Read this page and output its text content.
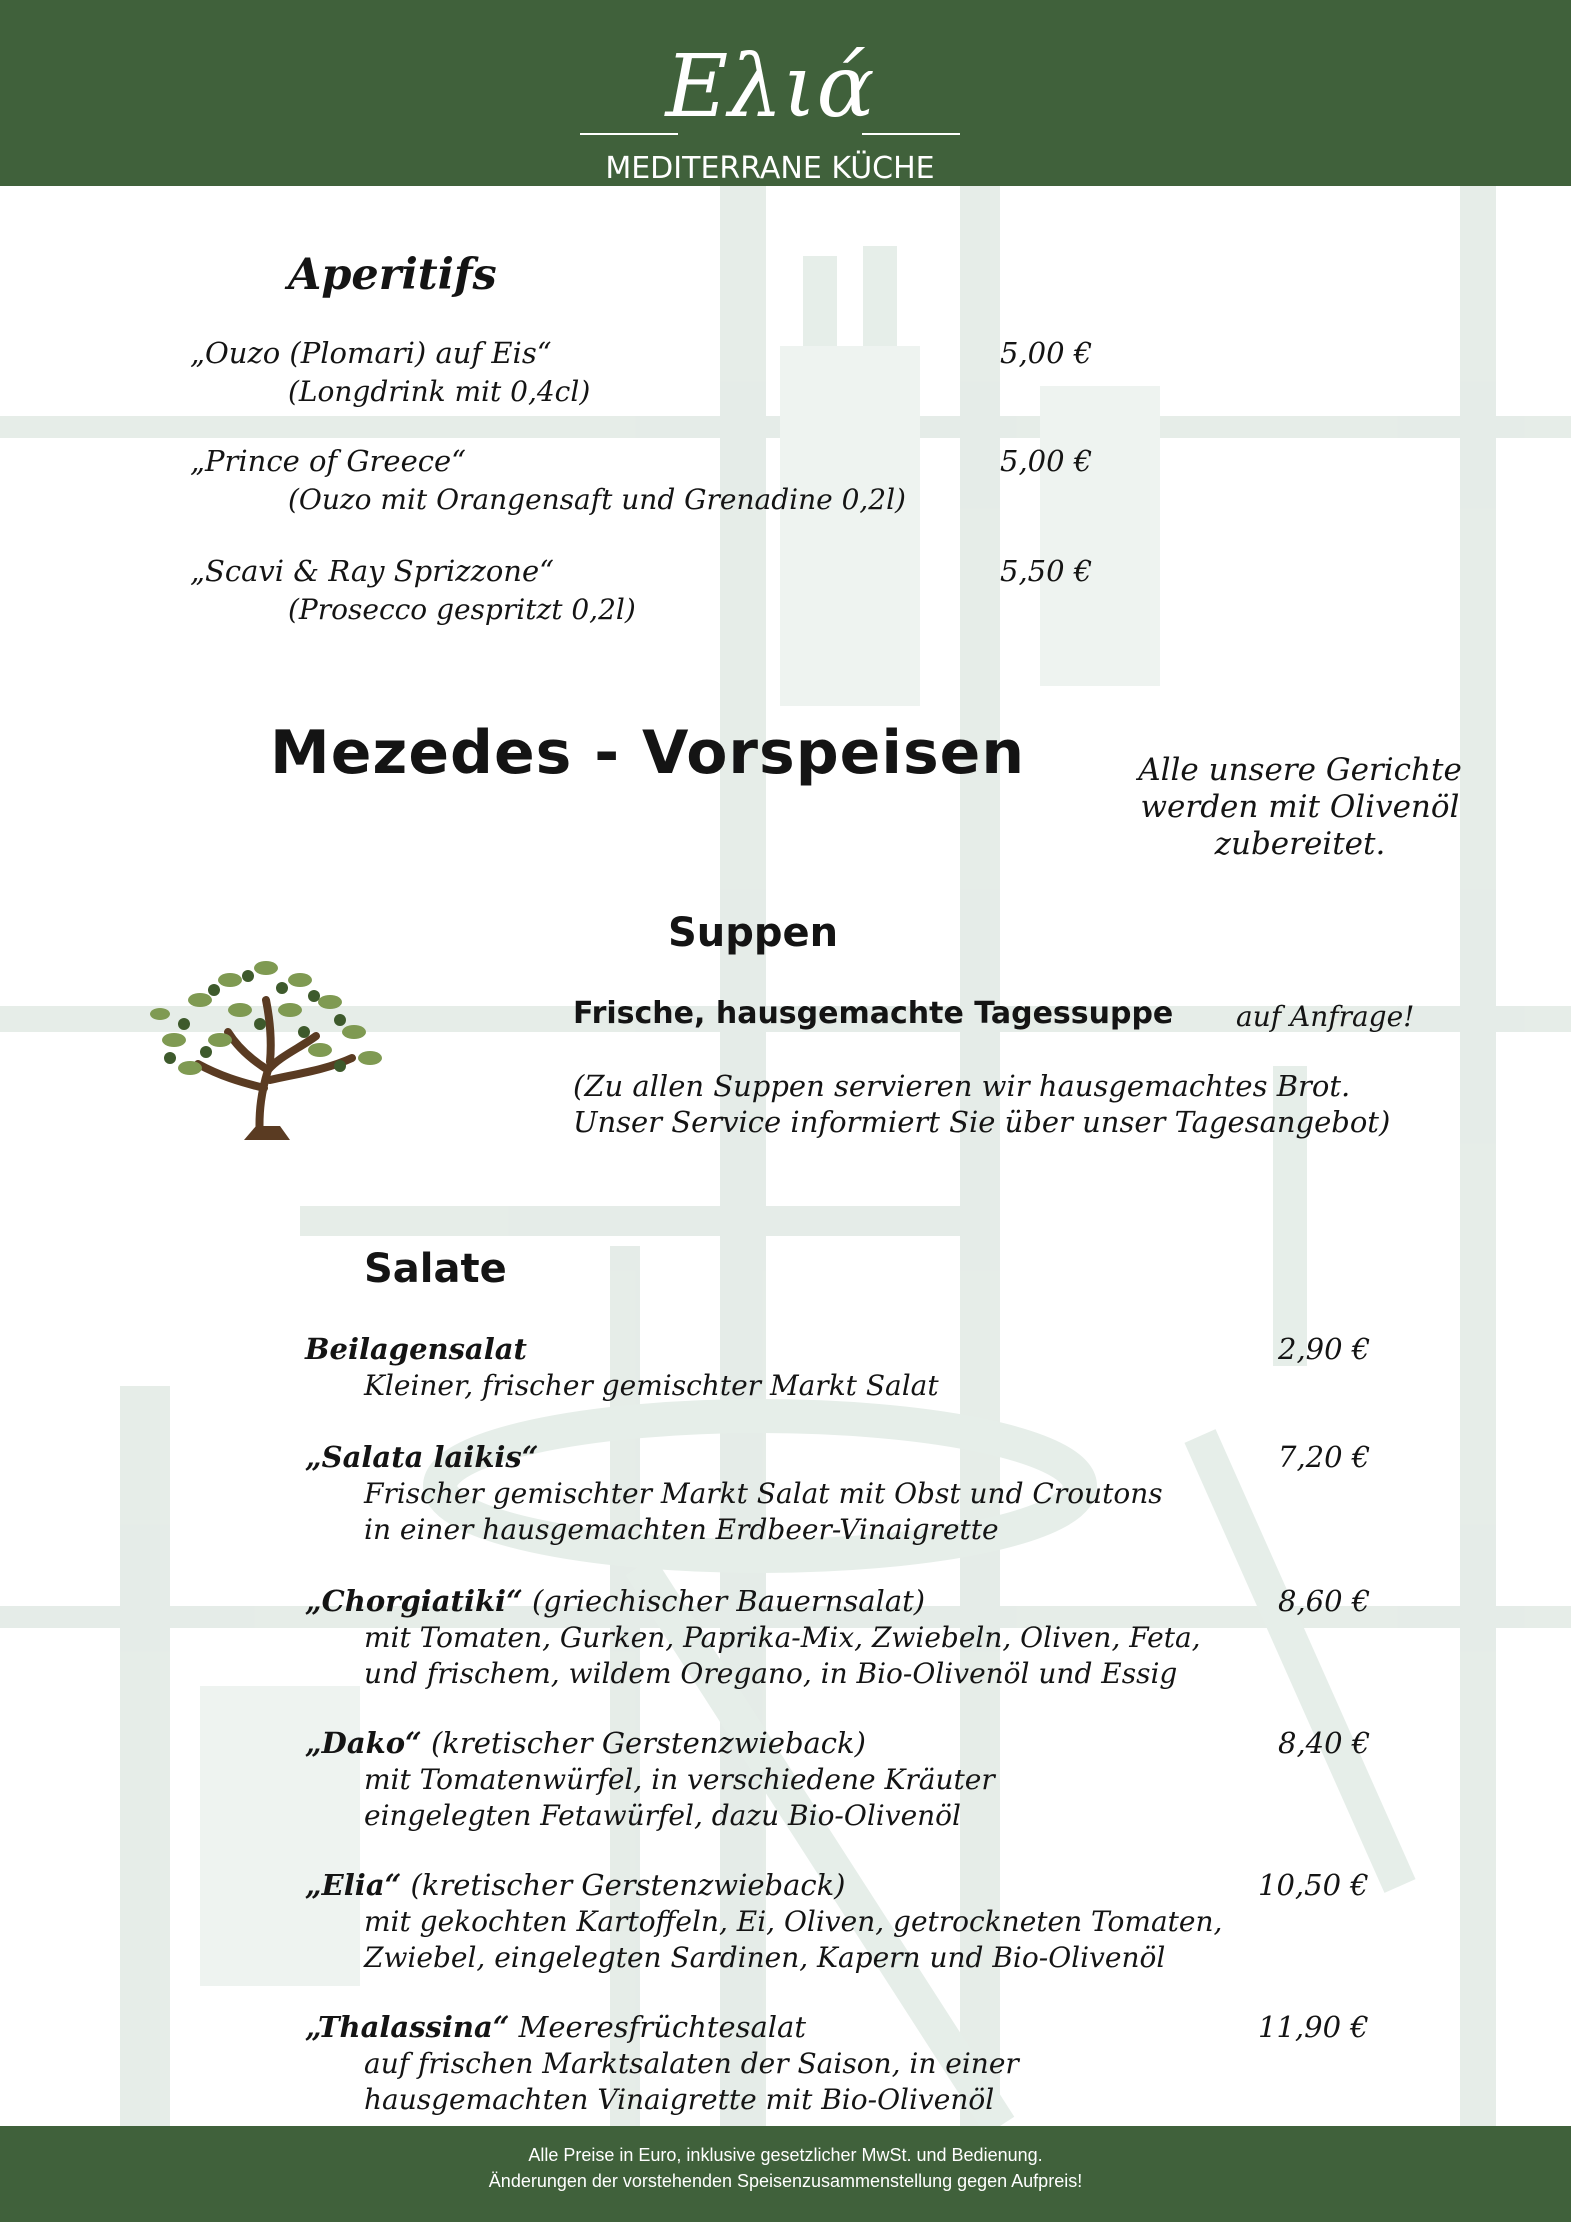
Ελιά
MEDITERRANE KÜCHE
Aperitifs
„Ouzo (Plomari) auf Eis“
(Longdrink mit 0,4cl)
5,00 €
„Prince of Greece“
(Ouzo mit Orangensaft und Grenadine 0,2l)
5,00 €
„Scavi & Ray Sprizzone“
(Prosecco gespritzt 0,2l)
5,50 €
Mezedes - Vorspeisen	Alle unsere Gerichte werden mit Olivenöl zubereitet.
Suppen
Frische, hausgemachte Tagessuppe auf Anfrage!
(Zu allen Suppen servieren wir hausgemachtes Brot.
Unser Service informiert Sie über unser Tagesangebot)
Salate
Beilagensalat
Kleiner, frischer gemischter Markt Salat
2,90 €
„Salata laikis“
Frischer gemischter Markt Salat mit Obst und Croutons
in einer hausgemachten Erdbeer-Vinaigrette
7,20 €
„Chorgiatiki“ (griechischer Bauernsalat)
mit Tomaten, Gurken, Paprika-Mix, Zwiebeln, Oliven, Feta,
und frischem, wildem Oregano, in Bio-Olivenöl und Essig
8,60 €
„Dako“ (kretischer Gerstenzwieback)
mit Tomatenwürfel, in verschiedene Kräuter
eingelegten Fetawürfel, dazu Bio-Olivenöl
8,40 €
„Elia“ (kretischer Gerstenzwieback)
mit gekochten Kartoffeln, Ei, Oliven, getrockneten Tomaten,
Zwiebel, eingelegten Sardinen, Kapern und Bio-Olivenöl
10,50 €
„Thalassina“ Meeresfrüchtesalat
auf frischen Marktsalaten der Saison, in einer
hausgemachten Vinaigrette mit Bio-Olivenöl
11,90 €
Alle Preise in Euro, inklusive gesetzlicher MwSt. und Bedienung.
Änderungen der vorstehenden Speisenzusammenstellung gegen Aufpreis!
